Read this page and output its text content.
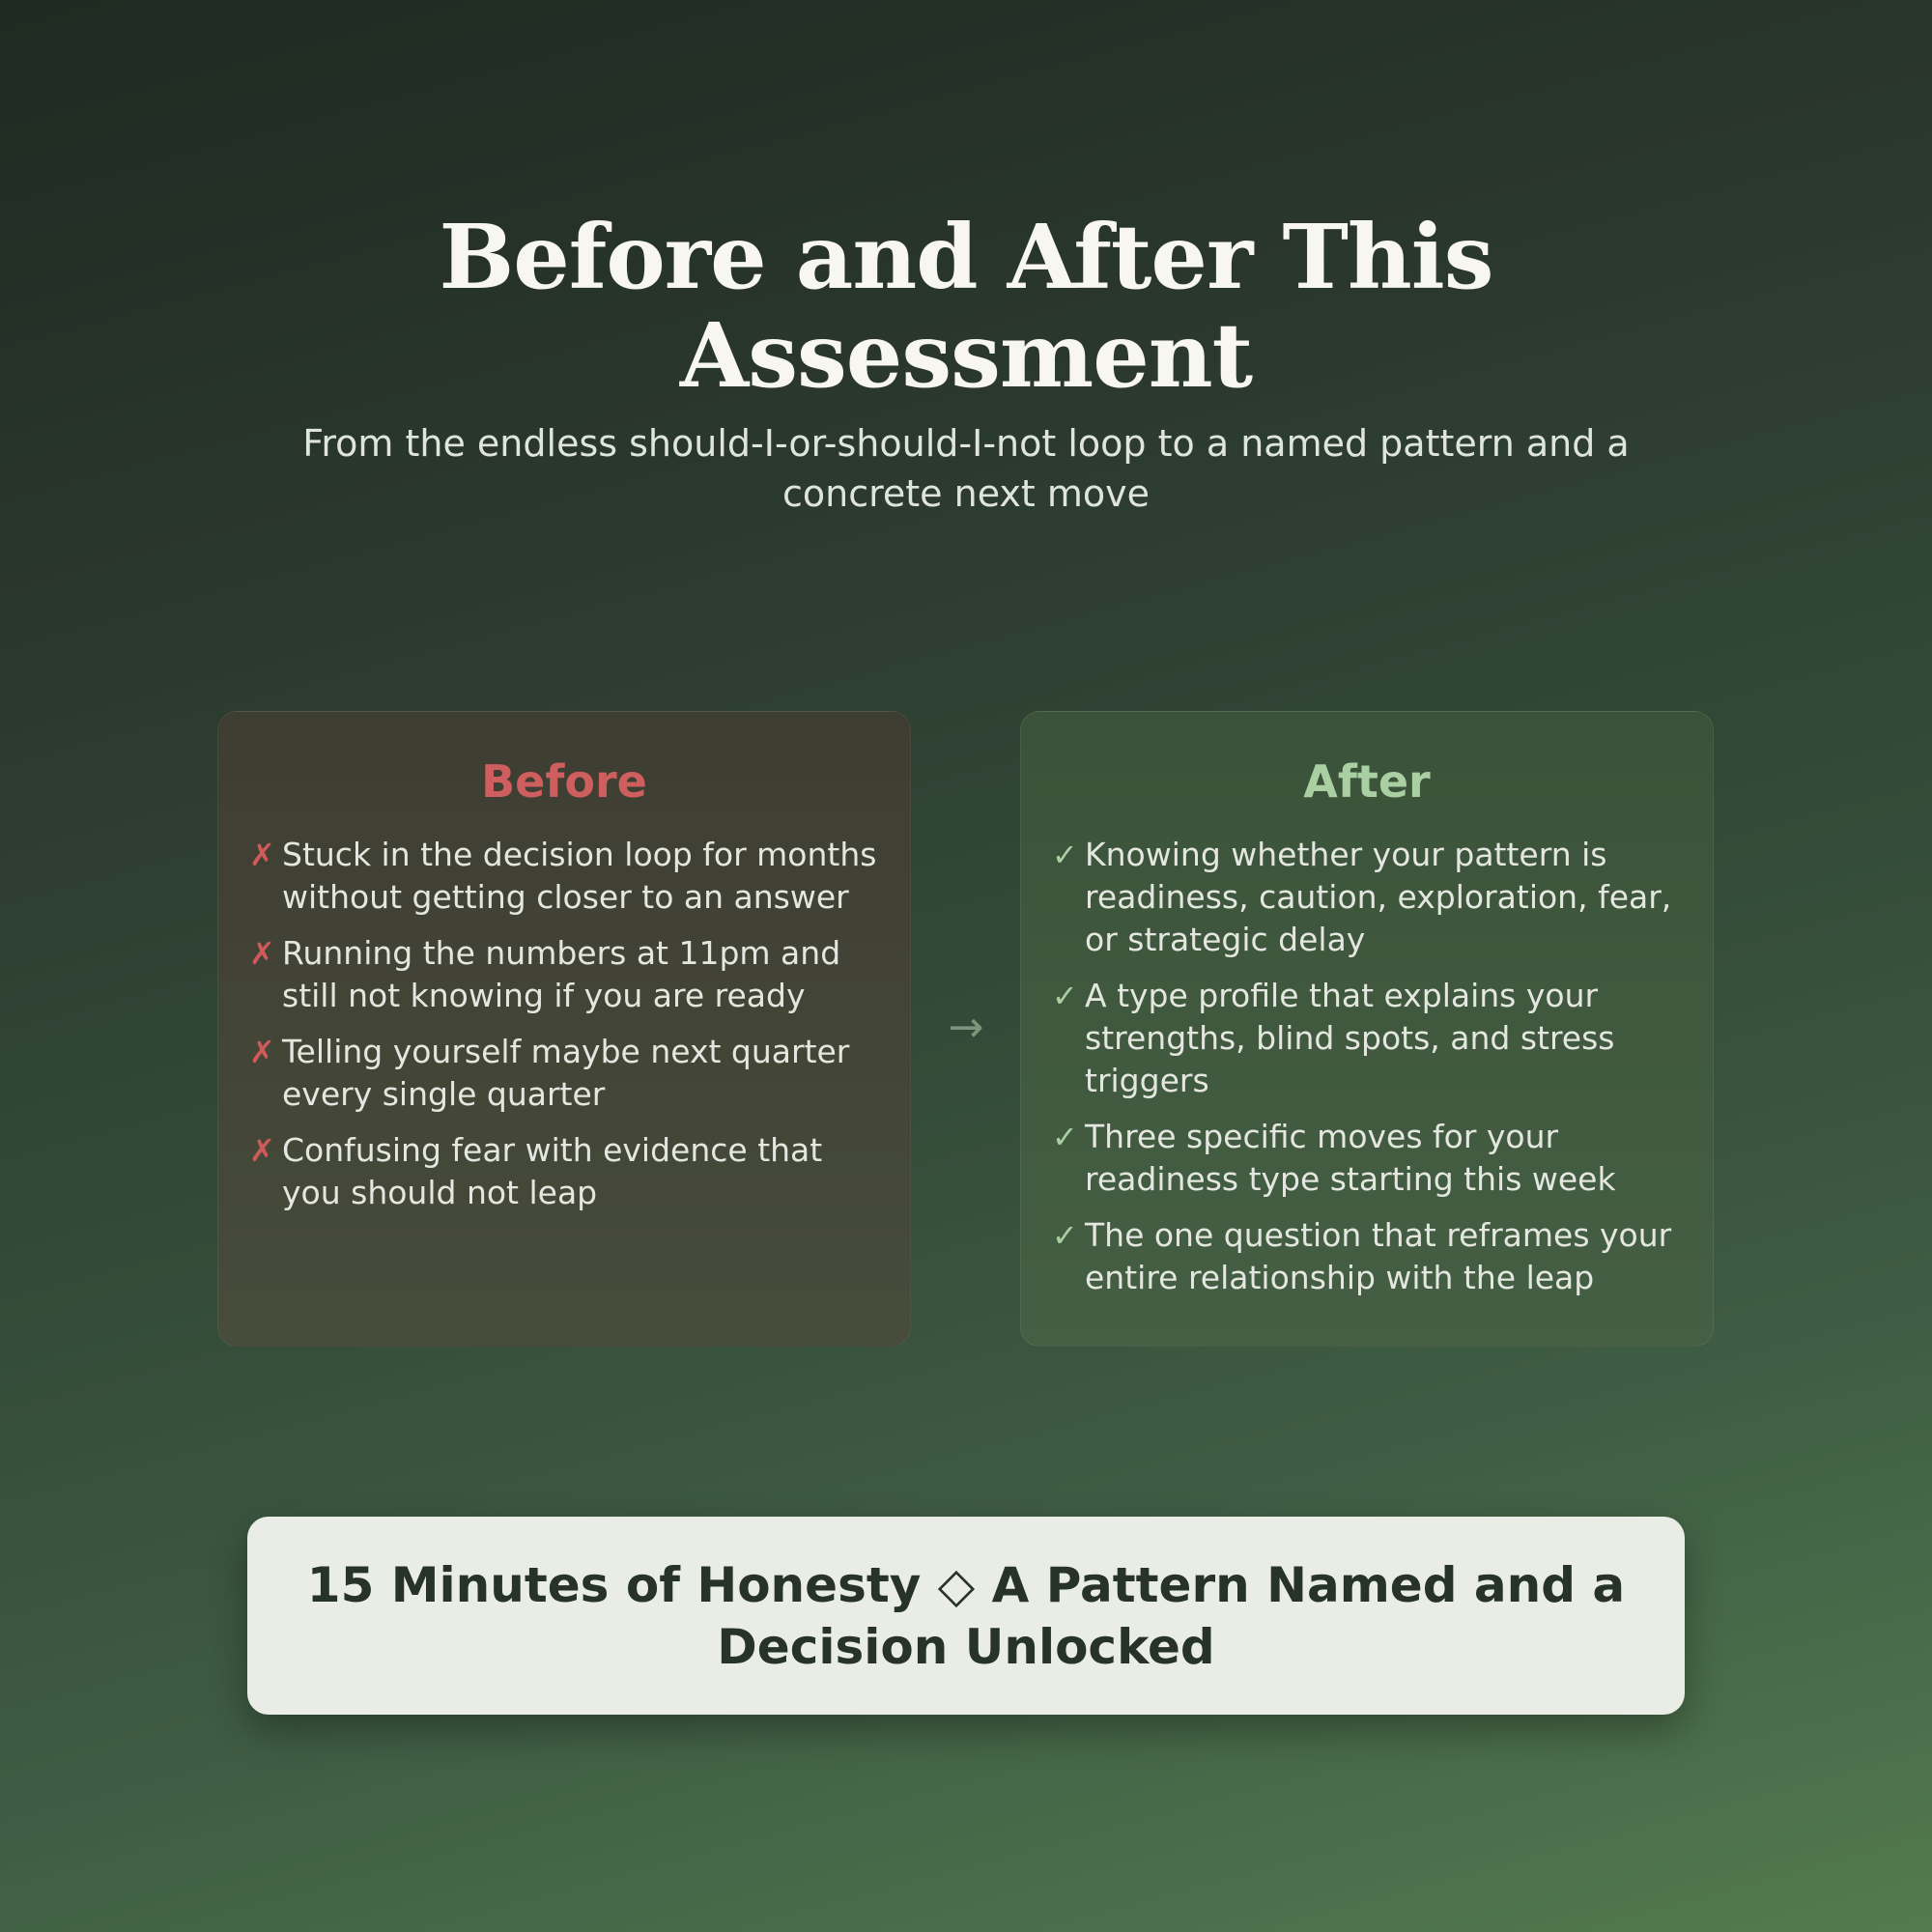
Before and After This Assessment
From the endless should-I-or-should-I-not loop to a named pattern and a concrete next move
Before
✗ Stuck in the decision loop for months without getting closer to an answer
✗ Running the numbers at 11pm and still not knowing if you are ready
✗ Telling yourself maybe next quarter every single quarter
✗ Confusing fear with evidence that you should not leap
→
After
✓ Knowing whether your pattern is readiness, caution, exploration, fear, or strategic delay
✓ A type profile that explains your strengths, blind spots, and stress triggers
✓ Three specific moves for your readiness type starting this week
✓ The one question that reframes your entire relationship with the leap
15 Minutes of Honesty ◇ A Pattern Named and a Decision Unlocked
